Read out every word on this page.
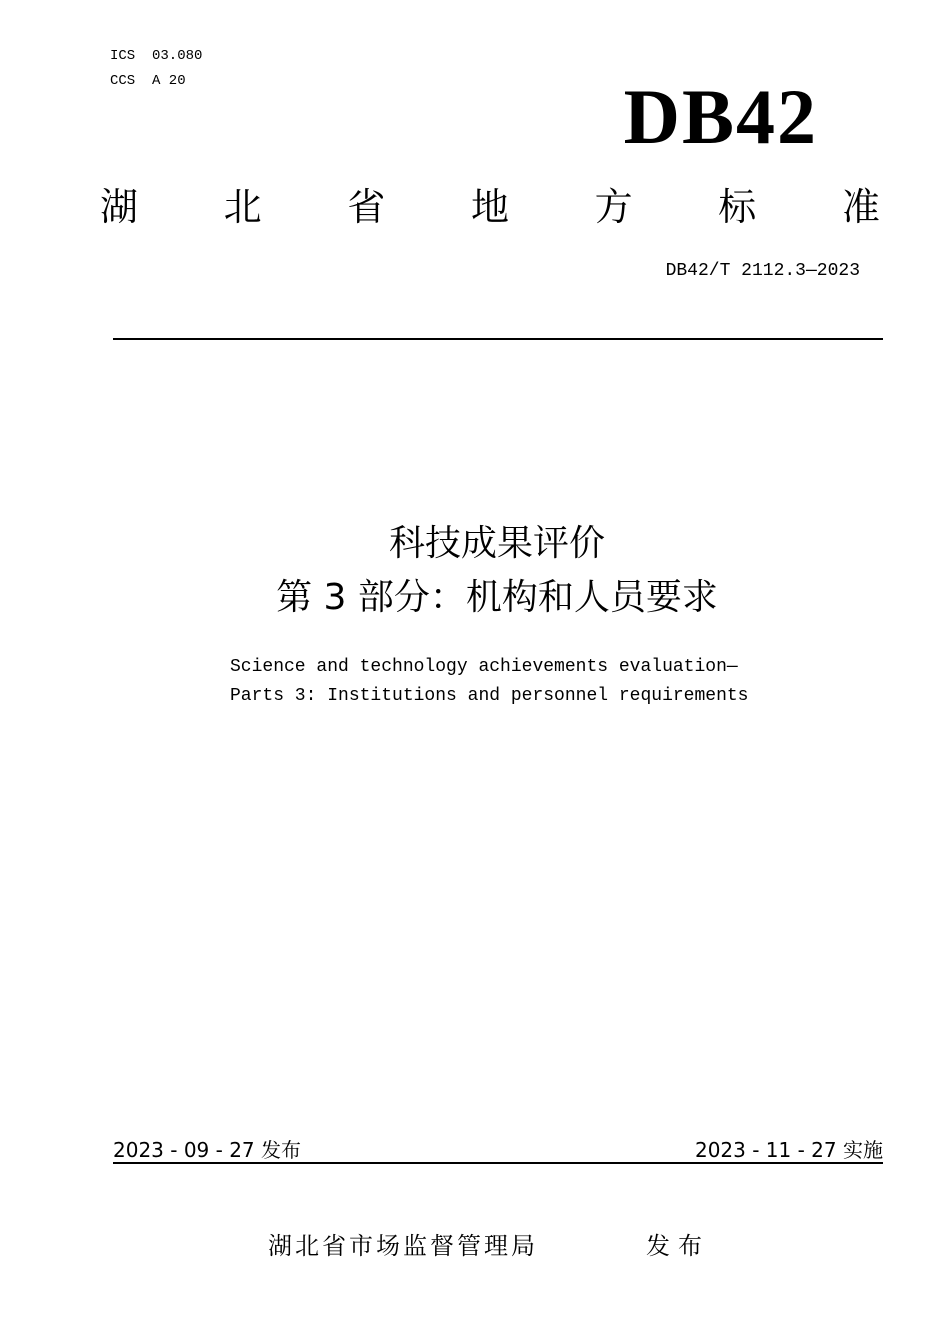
ICS  03.080
CCS  A 20	DB42
湖 北 省 地 方 标 准
DB42/T 2112.3—2023
科技成果评价
第 3 部分：机构和人员要求
Science and technology achievements evaluation—
Parts 3: Institutions and personnel requirements
2023 - 09 - 27 发布	2023 - 11 - 27 实施
湖北省市场监督管理局	发布
